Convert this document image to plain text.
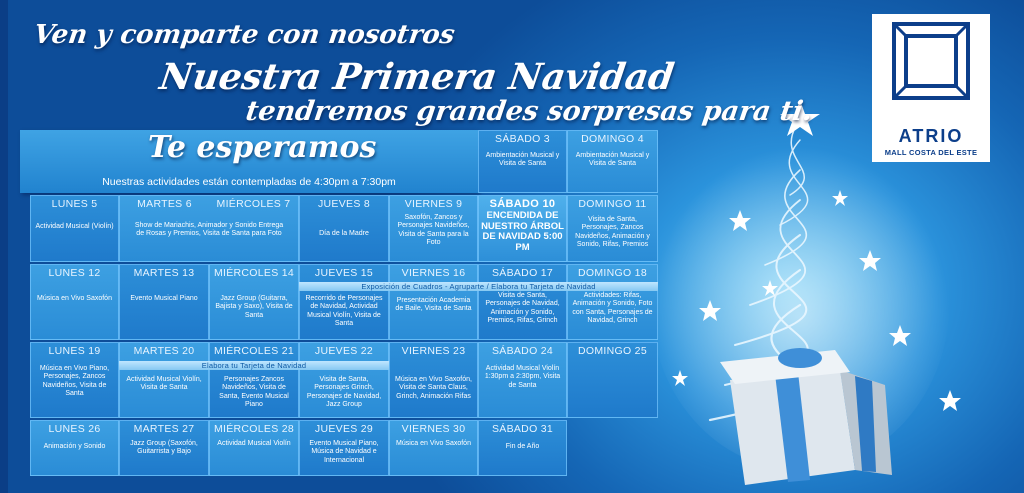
Ven y comparte con nosotros
Nuestra Primera Navidad
tendremos grandes sorpresas para ti.
ATRIO
MALL COSTA DEL ESTE
Te esperamos
Nuestras actividades están contempladas de 4:30pm a 7:30pm
SÁBADO 3
Ambientación Musical y Visita de Santa
DOMINGO 4
Ambientación Musical y Visita de Santa
LUNES 5
Actividad Musical (Violín)
MARTES 6	MIÉRCOLES 7
Show de Mariachis, Animador y Sonido Entrega de Rosas y Premios, Visita de Santa para Foto
JUEVES 8
Día de la Madre
VIERNES 9
Saxofón, Zancos y Personajes Navideños, Visita de Santa para la Foto
SÁBADO 10
ENCENDIDA DE NUESTRO ÁRBOL DE NAVIDAD 5:00 PM
DOMINGO 11
Visita de Santa, Personajes, Zancos Navideños, Animación y Sonido, Rifas, Premios
LUNES 12
Música en Vivo Saxofón
MARTES 13
Evento Musical Piano
MIÉRCOLES 14
Jazz Group (Guitarra, Bajista y Saxo), Visita de Santa
JUEVES 15
Recorrido de Personajes de Navidad, Actividad Musical Violín, Visita de Santa
VIERNES 16
Presentación Academia de Baile, Visita de Santa
SÁBADO 17
Visita de Santa, Personajes de Navidad, Animación y Sonido, Premios, Rifas, Grinch
DOMINGO 18
Actividades: Rifas, Animación y Sonido, Foto con Santa, Personajes de Navidad, Grinch
Exposición de Cuadros - Agruparte / Elabora tu Tarjeta de Navidad
LUNES 19
Música en Vivo Piano, Personajes, Zancos Navideños, Visita de Santa
MARTES 20
Actividad Musical Violín, Visita de Santa
MIÉRCOLES 21
Personajes Zancos Navideños, Visita de Santa, Evento Musical Piano
JUEVES 22
Visita de Santa, Personajes Grinch, Personajes de Navidad, Jazz Group
VIERNES 23
Música en Vivo Saxofón, Visita de Santa Claus, Grinch, Animación Rifas
SÁBADO 24
Actividad Musical Violín 1:30pm a 2:30pm, Visita de Santa
DOMINGO 25
Elabora tu Tarjeta de Navidad
LUNES 26
Animación y Sonido
MARTES 27
Jazz Group (Saxofón, Guitarrista y Bajo
MIÉRCOLES 28
Actividad Musical Violín
JUEVES 29
Evento Musical Piano, Música de Navidad e Internacional
VIERNES 30
Música en Vivo Saxofón
SÁBADO 31
Fin de Año
